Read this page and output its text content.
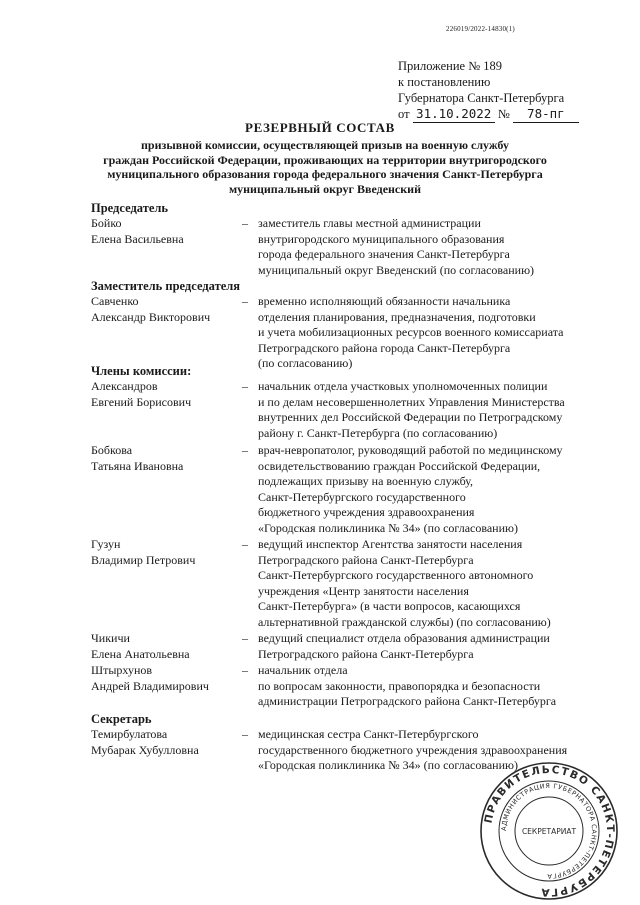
226019/2022-14830(1)
Приложение № 189
к постановлению
Губернатора Санкт-Петербурга
от 31.10.2022 № 78-пг
РЕЗЕРВНЫЙ СОСТАВ
призывной комиссии, осуществляющей призыв на военную службу
граждан Российской Федерации, проживающих на территории внутригородского
муниципального образования города федерального значения Санкт-Петербурга
муниципальный округ Введенский
Председатель
Бойко
Елена Васильевна
– заместитель главы местной администрации
внутригородского муниципального образования
города федерального значения Санкт-Петербурга
муниципальный округ Введенский (по согласованию)
Заместитель председателя
Савченко
Александр Викторович
– временно исполняющий обязанности начальника
отделения планирования, предназначения, подготовки
и учета мобилизационных ресурсов военного комиссариата
Петроградского района города Санкт-Петербурга
(по согласованию)
Члены комиссии:
Александров
Евгений Борисович
– начальник отдела участковых уполномоченных полиции
и по делам несовершеннолетних Управления Министерства
внутренних дел Российской Федерации по Петроградскому
району г. Санкт-Петербурга (по согласованию)
Бобкова
Татьяна Ивановна
– врач-невропатолог, руководящий работой по медицинскому
освидетельствованию граждан Российской Федерации,
подлежащих призыву на военную службу,
Санкт-Петербургского государственного
бюджетного учреждения здравоохранения
«Городская поликлиника № 34» (по согласованию)
Гузун
Владимир Петрович
– ведущий инспектор Агентства занятости населения
Петроградского района Санкт-Петербурга
Санкт-Петербургского государственного автономного
учреждения «Центр занятости населения
Санкт-Петербурга» (в части вопросов, касающихся
альтернативной гражданской службы) (по согласованию)
Чикичи
Елена Анатольевна
– ведущий специалист отдела образования администрации
Петроградского района Санкт-Петербурга
Штырхунов
Андрей Владимирович
– начальник отдела
по вопросам законности, правопорядка и безопасности
администрации Петроградского района Санкт-Петербурга
Секретарь
Темирбулатова
Мубарак Хубулловна
– медицинская сестра Санкт-Петербургского
государственного бюджетного учреждения здравоохранения
«Городская поликлиника № 34» (по согласованию)
ПРАВИТЕЛЬСТВО САНКТ-ПЕТЕРБУРГА
АДМИНИСТРАЦИЯ ГУБЕРНАТОРА САНКТ-ПЕТЕРБУРГА
СЕКРЕТАРИАТ
